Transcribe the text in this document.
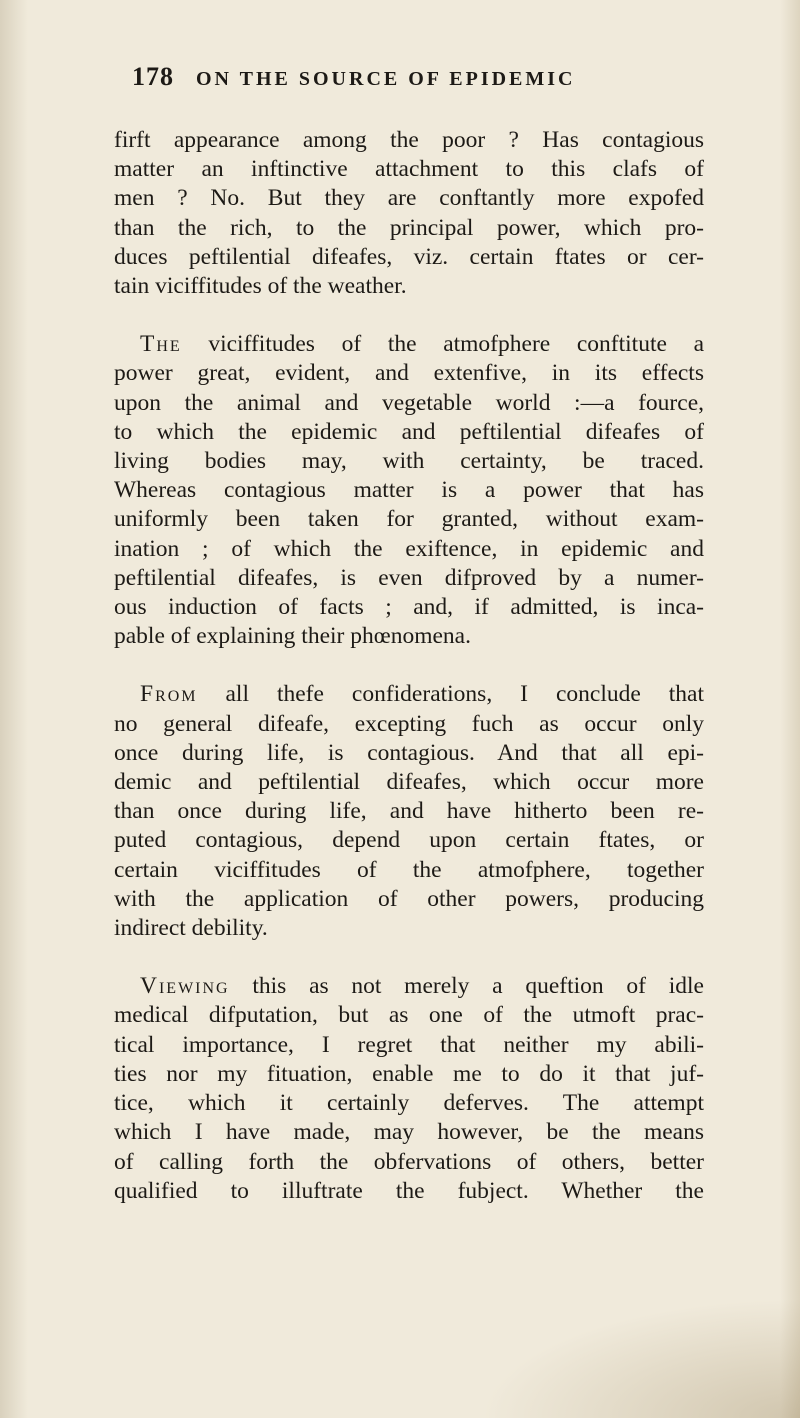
178 ON THE SOURCE OF EPIDEMIC
firft appearance among the poor ? Has contagious
matter an inftinctive attachment to this clafs of
men ? No. But they are conftantly more expofed
than the rich, to the principal power, which pro-
duces peftilential difeafes, viz. certain ftates or cer-
tain viciffitudes of the weather.
The viciffitudes of the atmofphere conftitute a
power great, evident, and extenfive, in its effects
upon the animal and vegetable world :—a fource,
to which the epidemic and peftilential difeafes of
living bodies may, with certainty, be traced.
Whereas contagious matter is a power that has
uniformly been taken for granted, without exam-
ination ; of which the exiftence, in epidemic and
peftilential difeafes, is even difproved by a numer-
ous induction of facts ; and, if admitted, is inca-
pable of explaining their phœnomena.
From all thefe confiderations, I conclude that
no general difeafe, excepting fuch as occur only
once during life, is contagious. And that all epi-
demic and peftilential difeafes, which occur more
than once during life, and have hitherto been re-
puted contagious, depend upon certain ftates, or
certain viciffitudes of the atmofphere, together
with the application of other powers, producing
indirect debility.
Viewing this as not merely a queftion of idle
medical difputation, but as one of the utmoft prac-
tical importance, I regret that neither my abili-
ties nor my fituation, enable me to do it that juf-
tice, which it certainly deferves. The attempt
which I have made, may however, be the means
of calling forth the obfervations of others, better
qualified to illuftrate the fubject. Whether the
